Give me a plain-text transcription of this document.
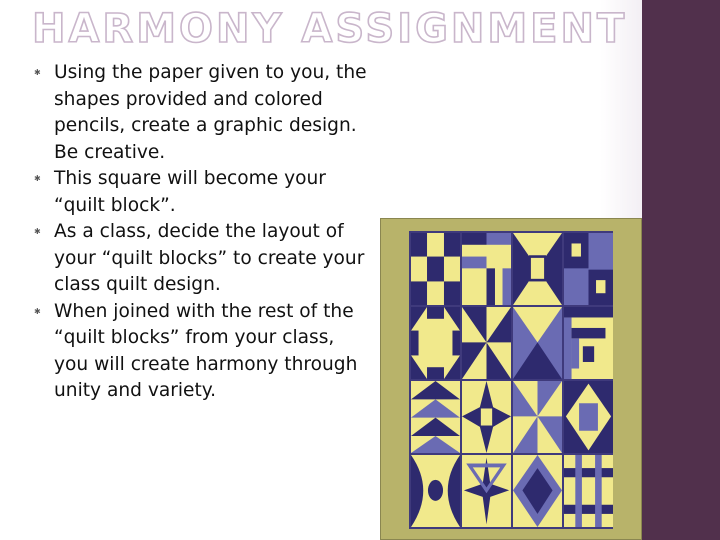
HARMONY ASSIGNMENT
✱ Using the paper given to you, the shapes provided and colored pencils, create a graphic design. Be creative.
✱ This square will become your “quilt block”.
✱ As a class, decide the layout of your “quilt blocks” to create your class quilt design.
✱ When joined with the rest of the “quilt blocks” from your class, you will create harmony through unity and variety.
